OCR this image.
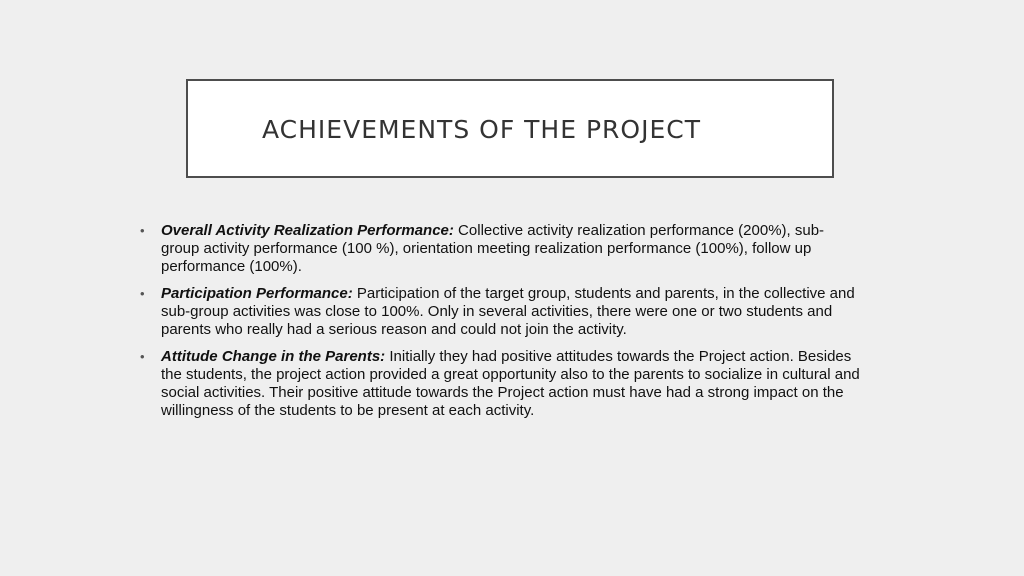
ACHIEVEMENTS OF THE PROJECT
• Overall Activity Realization Performance: Collective activity realization performance (200%), sub-group activity performance (100 %), orientation meeting realization performance (100%), follow up performance (100%).
• Participation Performance: Participation of the target group, students and parents, in the collective and sub-group activities was close to 100%. Only in several activities, there were one or two students and parents who really had a serious reason and could not join the activity.
• Attitude Change in the Parents: Initially they had positive attitudes towards the Project action. Besides the students, the project action provided a great opportunity also to the parents to socialize in cultural and social activities. Their positive attitude towards the Project action must have had a strong impact on the willingness of the students to be present at each activity.
